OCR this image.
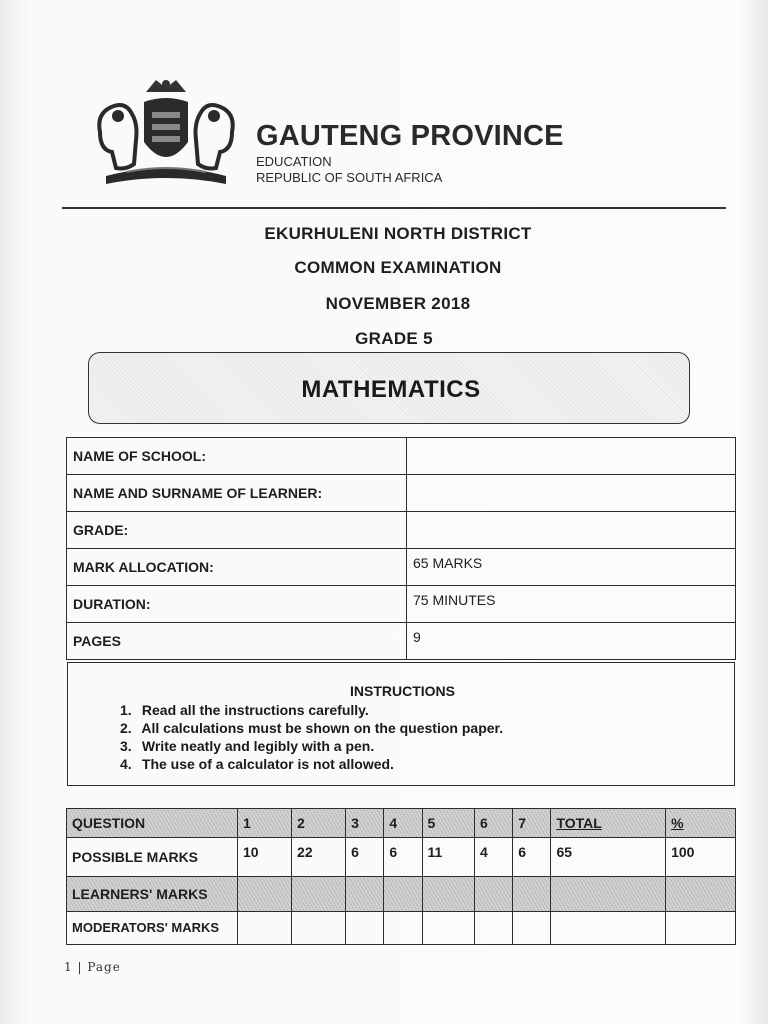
GAUTENG PROVINCE
EDUCATION
REPUBLIC OF SOUTH AFRICA
EKURHULENI NORTH DISTRICT
COMMON EXAMINATION
NOVEMBER 2018
GRADE 5
MATHEMATICS
NAME OF SCHOOL:	
NAME AND SURNAME OF LEARNER:	
GRADE:	
MARK ALLOCATION:	65 MARKS
DURATION:	75 MINUTES
PAGES	9
INSTRUCTIONS
1. Read all the instructions carefully.
2. All calculations must be shown on the question paper.
3. Write neatly and legibly with a pen.
4. The use of a calculator is not allowed.
QUESTION	1	2	3	4	5	6	7	TOTAL	%
POSSIBLE MARKS	10	22	6	6	11	4	6	65	100
LEARNERS' MARKS									
MODERATORS' MARKS									
1 | Page
